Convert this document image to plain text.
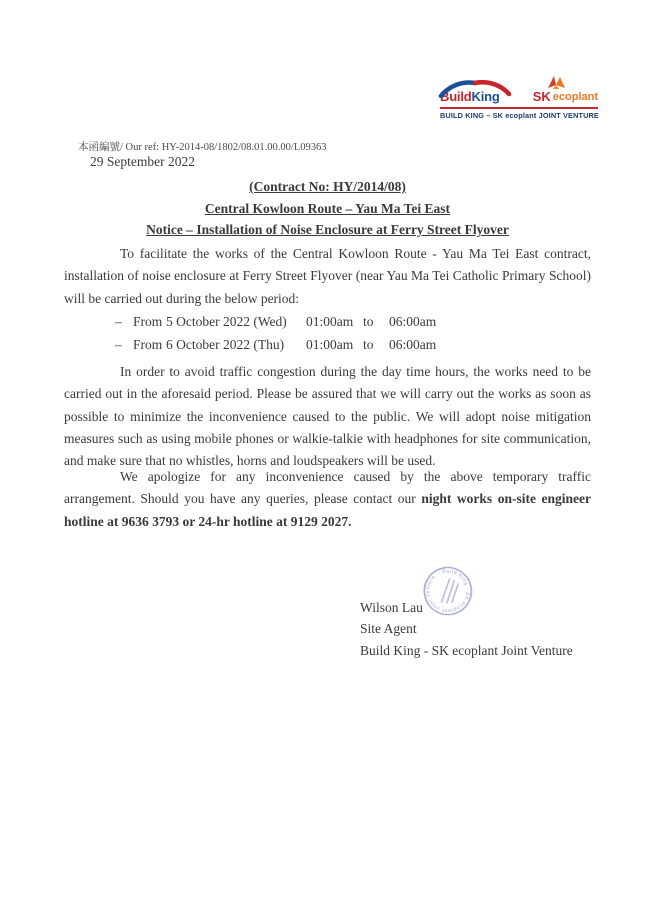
BuildKing	SK ecoplant
BUILD KING – SK ecoplant JOINT VENTURE
本函編號/ Our ref: HY-2014-08/1802/08.01.00.00/L09363
29 September 2022
(Contract No: HY/2014/08)
Central Kowloon Route – Yau Ma Tei East
Notice – Installation of Noise Enclosure at Ferry Street Flyover

To facilitate the works of the Central Kowloon Route - Yau Ma Tei East contract, installation of noise enclosure at Ferry Street Flyover (near Yau Ma Tei Catholic Primary School) will be carried out during the below period:

– From 5 October 2022 (Wed)	01:00am to	06:00am
– From 6 October 2022 (Thu)	01:00am to	06:00am

In order to avoid traffic congestion during the day time hours, the works need to be carried out in the aforesaid period. Please be assured that we will carry out the works as soon as possible to minimize the inconvenience caused to the public. We will adopt noise mitigation measures such as using mobile phones or walkie-talkie with headphones for site communication, and make sure that no whistles, horns and loudspeakers will be used.

We apologize for any inconvenience caused by the above temporary traffic arrangement. Should you have any queries, please contact our night works on-site engineer hotline at 9636 3793 or 24-hr hotline at 9129 2027.

Build King - SK ecoplant Joint Venture
Wilson Lau
Site Agent
Build King - SK ecoplant Joint Venture
